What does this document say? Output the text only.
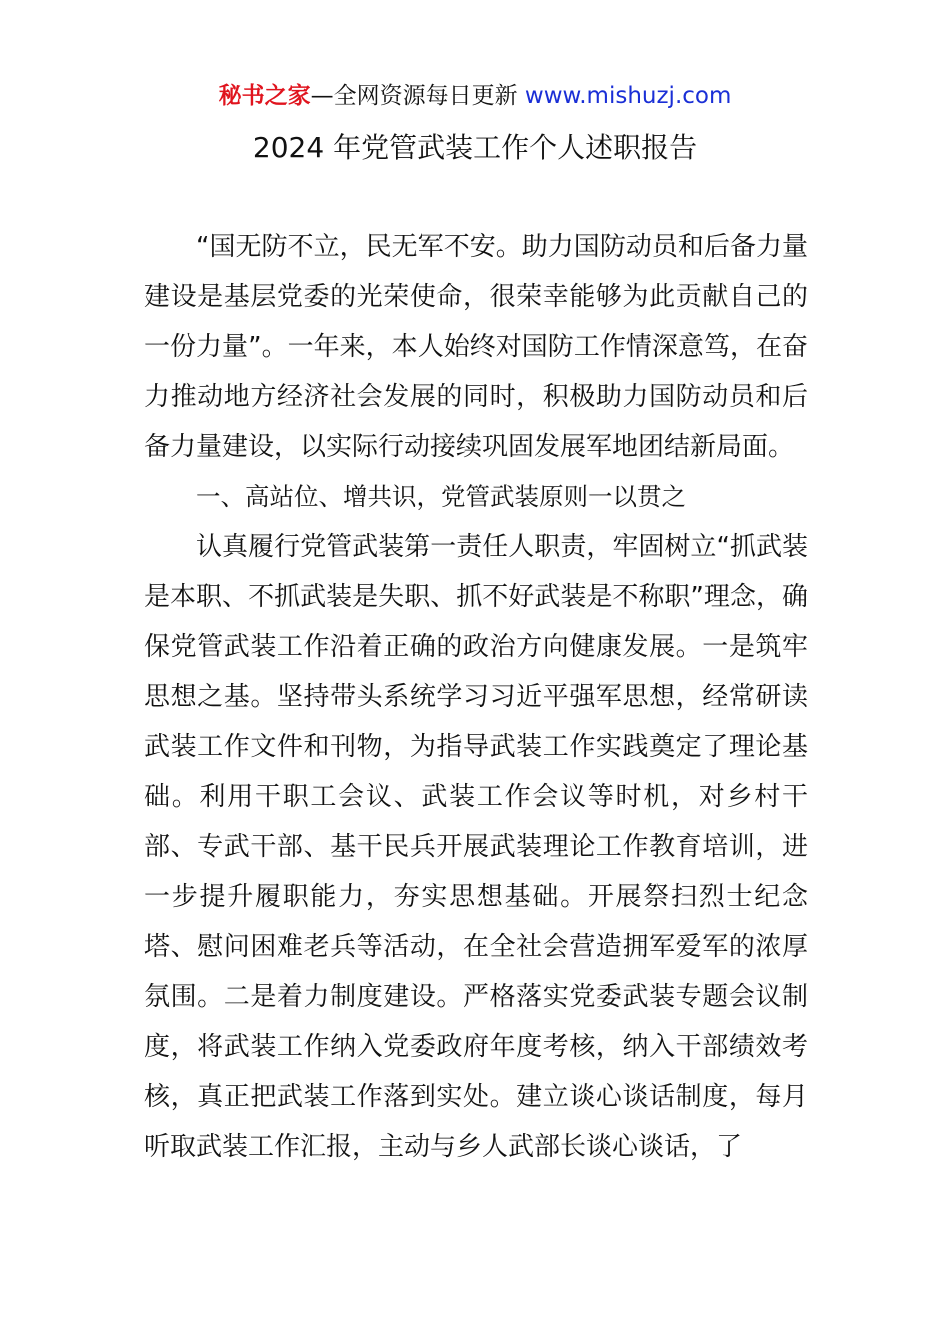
秘书之家—全网资源每日更新 www.mishuzj.com
2024 年党管武装工作个人述职报告

“国无防不立，民无军不安。助力国防动员和后备力量建设是基层党委的光荣使命，很荣幸能够为此贡献自己的一份力量”。一年来，本人始终对国防工作情深意笃，在奋力推动地方经济社会发展的同时，积极助力国防动员和后备力量建设，以实际行动接续巩固发展军地团结新局面。

一、高站位、增共识，党管武装原则一以贯之

认真履行党管武装第一责任人职责，牢固树立“抓武装是本职、不抓武装是失职、抓不好武装是不称职”理念，确保党管武装工作沿着正确的政治方向健康发展。一是筑牢思想之基。坚持带头系统学习习近平强军思想，经常研读武装工作文件和刊物，为指导武装工作实践奠定了理论基础。利用干职工会议、武装工作会议等时机，对乡村干部、专武干部、基干民兵开展武装理论工作教育培训，进一步提升履职能力，夯实思想基础。开展祭扫烈士纪念塔、慰问困难老兵等活动，在全社会营造拥军爱军的浓厚氛围。二是着力制度建设。严格落实党委武装专题会议制度，将武装工作纳入党委政府年度考核，纳入干部绩效考核，真正把武装工作落到实处。建立谈心谈话制度，每月听取武装工作汇报，主动与乡人武部长谈心谈话，了
